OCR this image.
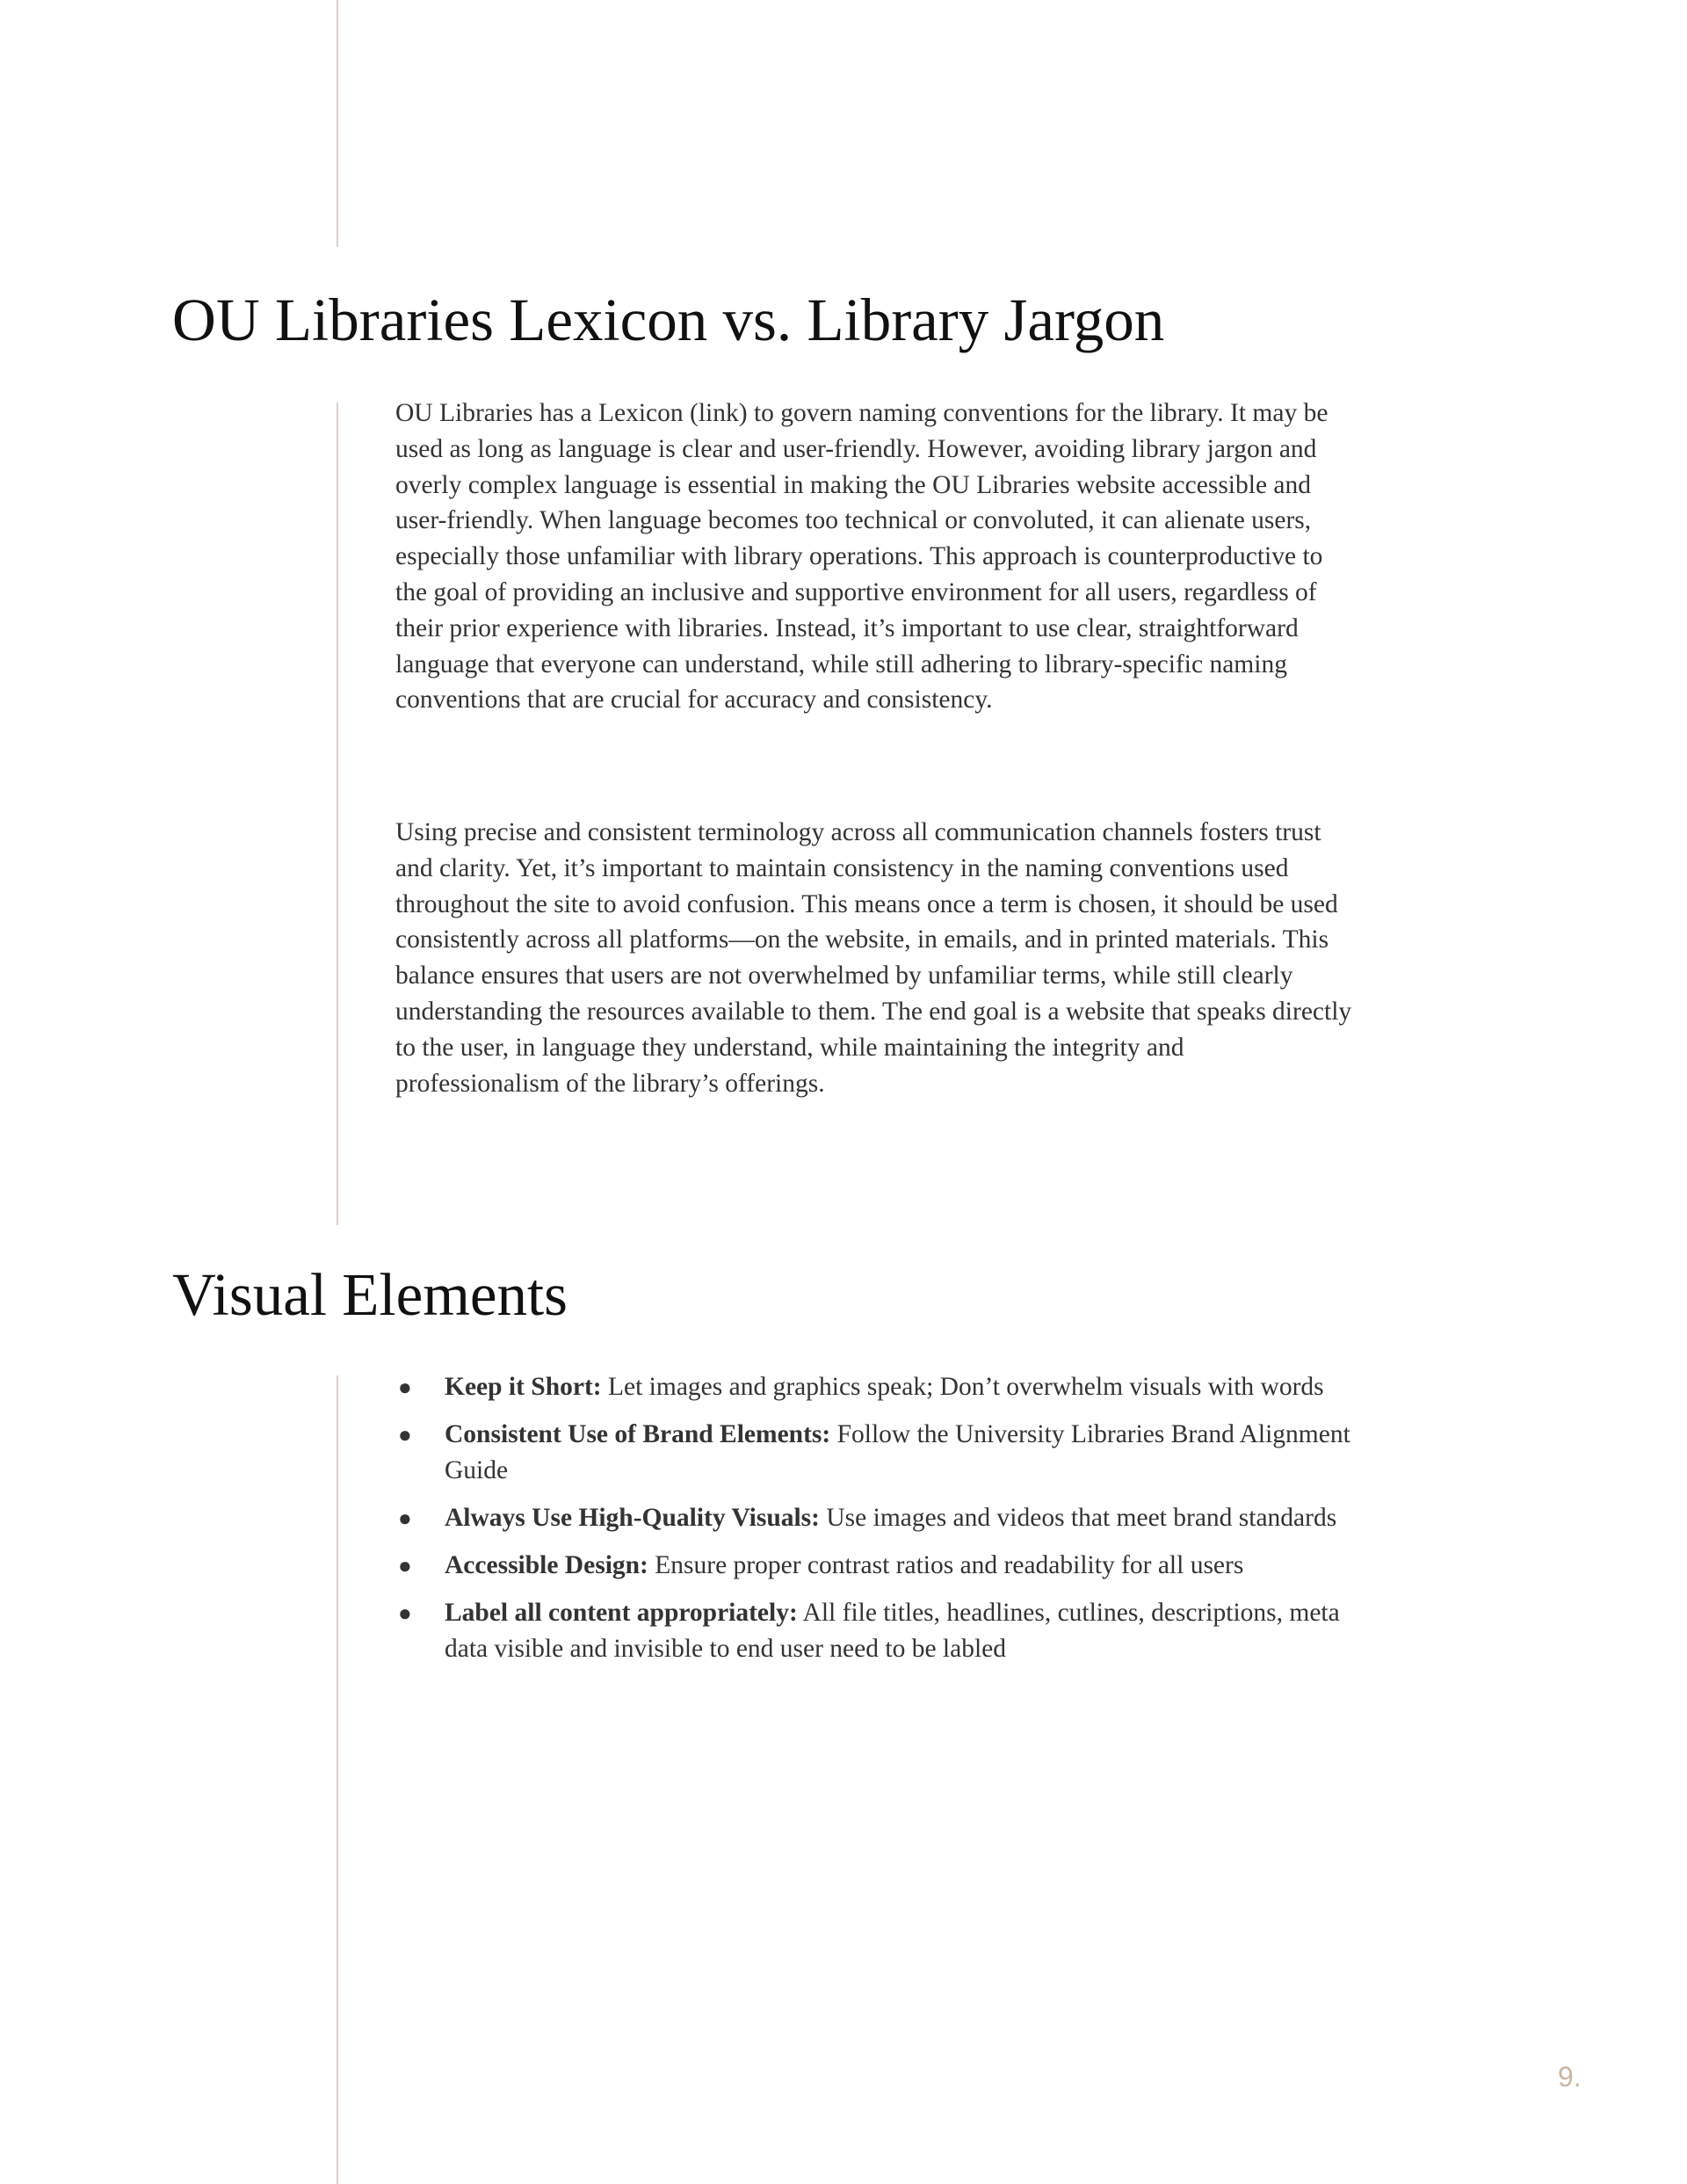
OU Libraries Lexicon vs. Library Jargon

OU Libraries has a Lexicon (link) to govern naming conventions for the library. It may be used as long as language is clear and user-friendly. However, avoiding library jargon and overly complex language is essential in making the OU Libraries website accessible and user-friendly. When language becomes too technical or convoluted, it can alienate users, especially those unfamiliar with library operations. This approach is counterproductive to the goal of providing an inclusive and supportive environment for all users, regardless of their prior experience with libraries. Instead, it’s important to use clear, straightforward language that everyone can understand, while still adhering to library-specific naming conventions that are crucial for accuracy and consistency.

Using precise and consistent terminology across all communication channels fosters trust and clarity. Yet, it’s important to maintain consistency in the naming conventions used throughout the site to avoid confusion. This means once a term is chosen, it should be used consistently across all platforms—on the website, in emails, and in printed materials. This balance ensures that users are not overwhelmed by unfamiliar terms, while still clearly understanding the resources available to them. The end goal is a website that speaks directly to the user, in language they understand, while maintaining the integrity and professionalism of the library’s offerings.

Visual Elements
● Keep it Short: Let images and graphics speak; Don’t overwhelm visuals with words
● Consistent Use of Brand Elements: Follow the University Libraries Brand Alignment Guide
● Always Use High-Quality Visuals: Use images and videos that meet brand standards
● Accessible Design: Ensure proper contrast ratios and readability for all users
● Label all content appropriately: All file titles, headlines, cutlines, descriptions, meta data visible and invisible to end user need to be labled
9.
